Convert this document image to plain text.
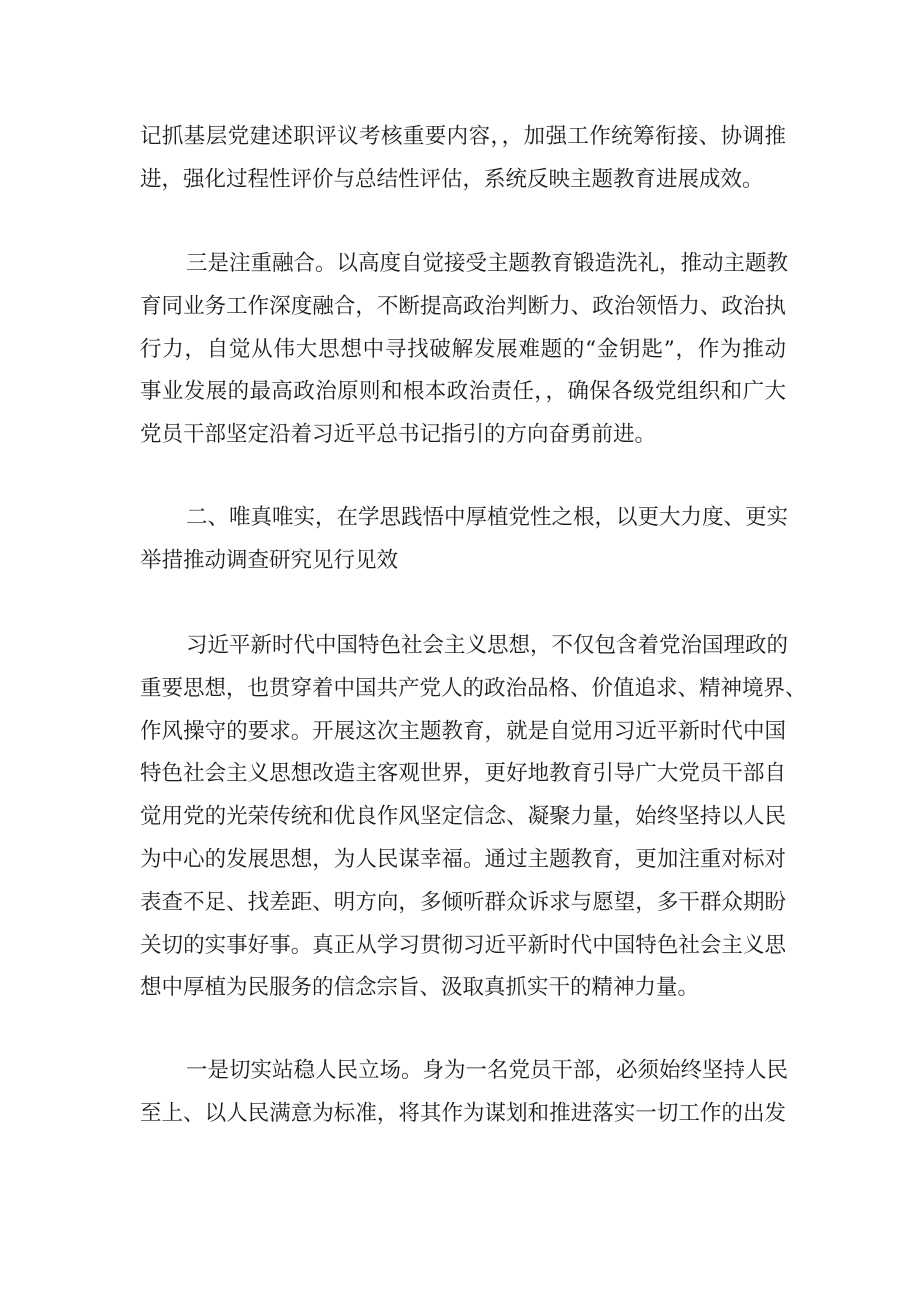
记抓基层党建述职评议考核重要内容，，加强工作统筹衔接、协调推
进，强化过程性评价与总结性评估，系统反映主题教育进展成效。
三是注重融合。以高度自觉接受主题教育锻造洗礼，推动主题教
育同业务工作深度融合，不断提高政治判断力、政治领悟力、政治执
行力，自觉从伟大思想中寻找破解发展难题的“金钥匙”，作为推动
事业发展的最高政治原则和根本政治责任，，确保各级党组织和广大
党员干部坚定沿着习近平总书记指引的方向奋勇前进。
二、唯真唯实，在学思践悟中厚植党性之根，以更大力度、更实
举措推动调查研究见行见效
习近平新时代中国特色社会主义思想，不仅包含着党治国理政的
重要思想，也贯穿着中国共产党人的政治品格、价值追求、精神境界、
作风操守的要求。开展这次主题教育，就是自觉用习近平新时代中国
特色社会主义思想改造主客观世界，更好地教育引导广大党员干部自
觉用党的光荣传统和优良作风坚定信念、凝聚力量，始终坚持以人民
为中心的发展思想，为人民谋幸福。通过主题教育，更加注重对标对
表查不足、找差距、明方向，多倾听群众诉求与愿望，多干群众期盼
关切的实事好事。真正从学习贯彻习近平新时代中国特色社会主义思
想中厚植为民服务的信念宗旨、汲取真抓实干的精神力量。
一是切实站稳人民立场。身为一名党员干部，必须始终坚持人民
至上、以人民满意为标准，将其作为谋划和推进落实一切工作的出发
